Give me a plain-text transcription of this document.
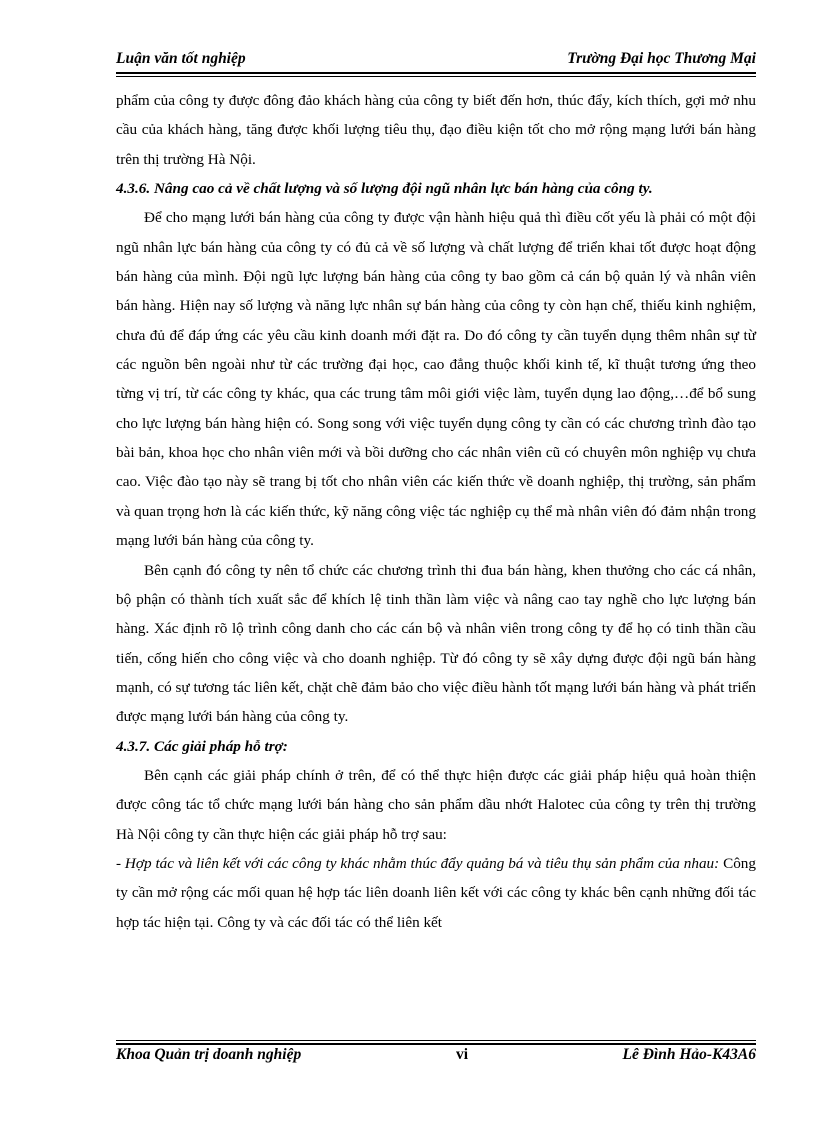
Luận văn tốt nghiệp	Trường Đại học Thương Mại

phẩm của công ty được đông đảo khách hàng của công ty biết đến hơn, thúc đẩy, kích thích, gợi mở nhu cầu của khách hàng, tăng được khối lượng tiêu thụ, đạo điều kiện tốt cho mở rộng mạng lưới bán hàng trên thị trường Hà Nội.

4.3.6. Nâng cao cả về chất lượng và số lượng đội ngũ nhân lực bán hàng của công ty.

Để cho mạng lưới bán hàng của công ty được vận hành hiệu quả thì điều cốt yếu là phải có một đội ngũ nhân lực bán hàng của công ty có đủ cả về số lượng và chất lượng để triển khai tốt được hoạt động bán hàng của mình. Đội ngũ lực lượng bán hàng của công ty bao gồm cả cán bộ quản lý và nhân viên bán hàng. Hiện nay số lượng và năng lực nhân sự bán hàng của công ty còn hạn chế, thiếu kinh nghiệm, chưa đủ để đáp ứng các yêu cầu kinh doanh mới đặt ra. Do đó công ty cần tuyển dụng thêm nhân sự từ các nguồn bên ngoài như từ các trường đại học, cao đẳng thuộc khối kinh tế, kĩ thuật tương ứng theo từng vị trí, từ các công ty khác, qua các trung tâm môi giới việc làm, tuyển dụng lao động,…để bổ sung cho lực lượng bán hàng hiện có. Song song với việc tuyển dụng công ty cần có các chương trình đào tạo bài bản, khoa học cho nhân viên mới và bồi dưỡng cho các nhân viên cũ có chuyên môn nghiệp vụ chưa cao. Việc đào tạo này sẽ trang bị tốt cho nhân viên các kiến thức về doanh nghiệp, thị trường, sản phẩm và quan trọng hơn là các kiến thức, kỹ năng công việc tác nghiệp cụ thể mà nhân viên đó đảm nhận trong mạng lưới bán hàng của công ty.

Bên cạnh đó công ty nên tổ chức các chương trình thi đua bán hàng, khen thưởng cho các cá nhân, bộ phận có thành tích xuất sắc để khích lệ tinh thần làm việc và nâng cao tay nghề cho lực lượng bán hàng. Xác định rõ lộ trình công danh cho các cán bộ và nhân viên trong công ty để họ có tinh thần cầu tiến, cống hiến cho công việc và cho doanh nghiệp. Từ đó công ty sẽ xây dựng được đội ngũ bán hàng mạnh, có sự tương tác liên kết, chặt chẽ đảm bảo cho việc điều hành tốt mạng lưới bán hàng và phát triển được mạng lưới bán hàng của công ty.

4.3.7. Các giải pháp hỗ trợ:

Bên cạnh các giải pháp chính ở trên, để có thể thực hiện được các giải pháp hiệu quả hoàn thiện được công tác tổ chức mạng lưới bán hàng cho sản phẩm dầu nhớt Halotec của công ty trên thị trường Hà Nội công ty cần thực hiện các giải pháp hỗ trợ sau:

- Hợp tác và liên kết với các công ty khác nhằm thúc đẩy quảng bá và tiêu thụ sản phẩm của nhau: Công ty cần mở rộng các mối quan hệ hợp tác liên doanh liên kết với các công ty khác bên cạnh những đối tác hợp tác hiện tại. Công ty và các đối tác có thể liên kết

Khoa Quản trị doanh nghiệp	vi	Lê Đình Hảo-K43A6
